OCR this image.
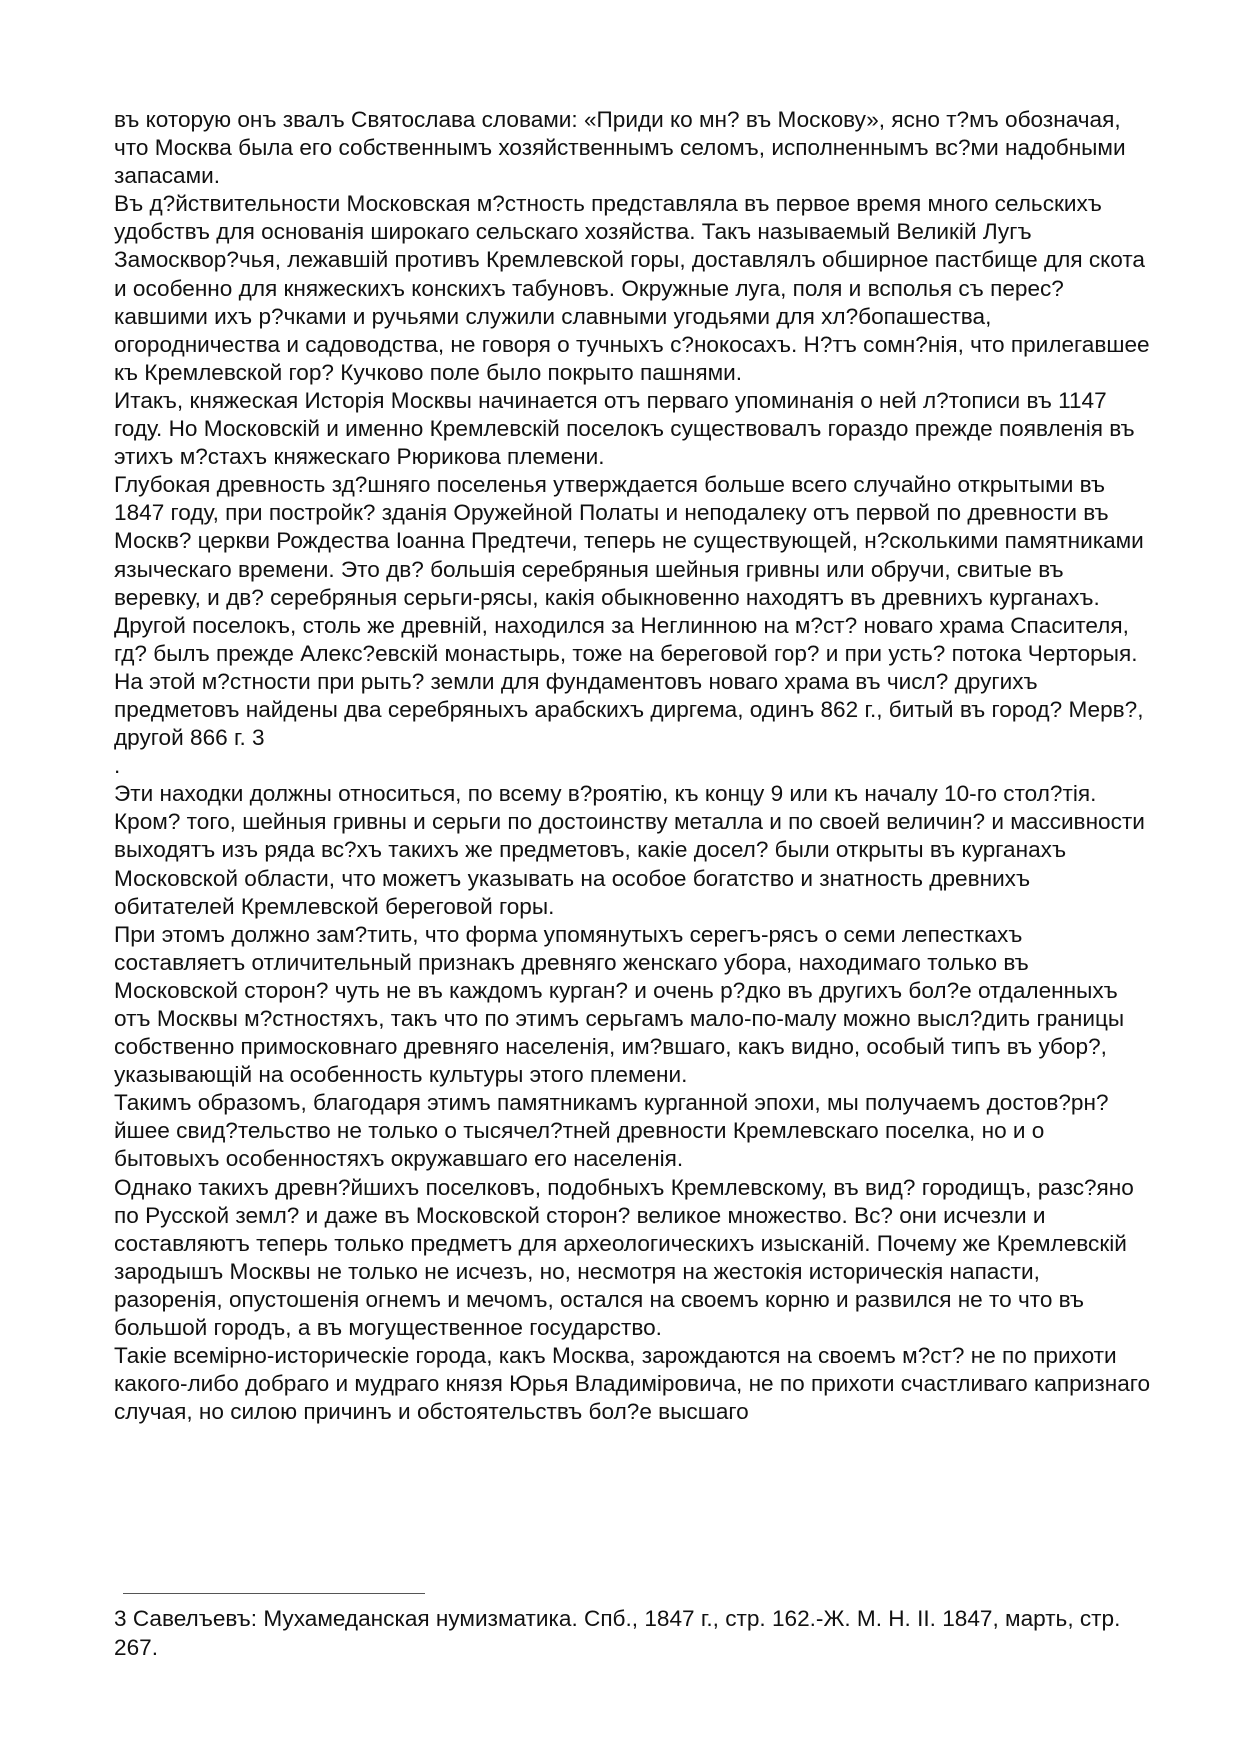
въ которую онъ звалъ Святослава словами: «Приди ко мн? въ Москову», ясно т?мъ обозначая, что Москва была его собственнымъ хозяйственнымъ селомъ, исполненнымъ вс?ми надобными запасами.

Въ д?йствительности Московская м?стность представляла въ первое время много сельскихъ удобствъ для основанія широкаго сельскаго хозяйства. Такъ называемый Великій Лугъ Замосквор?чья, лежавшій противъ Кремлевской горы, доставлялъ обширное пастбище для скота и особенно для княжескихъ конскихъ табуновъ. Окружные луга, поля и всполья съ перес?кавшими ихъ р?чками и ручьями служили славными угодьями для хл?бопашества, огородничества и садоводства, не говоря о тучныхъ с?нокосахъ. Н?тъ сомн?нія, что прилегавшее къ Кремлевской гор? Кучково поле было покрыто пашнями.

Итакъ, княжеская Исторія Москвы начинается отъ перваго упоминанія о ней л?тописи въ 1147 году. Но Московскій и именно Кремлевскій поселокъ существовалъ гораздо прежде появленія въ этихъ м?стахъ княжескаго Рюрикова племени.

Глубокая древность зд?шняго поселенья утверждается больше всего случайно открытыми въ 1847 году, при постройк? зданія Оружейной Полаты и неподалеку отъ первой по древности въ Москв? церкви Рождества Іоанна Предтечи, теперь не существующей, н?сколькими памятниками языческаго времени. Это дв? большія серебряныя шейныя гривны или обручи, свитые въ веревку, и дв? серебряныя серьги-рясы, какія обыкновенно находятъ въ древнихъ курганахъ.

Другой поселокъ, столь же древній, находился за Неглинною на м?ст? новаго храма Спасителя, гд? былъ прежде Алекс?евскій монастырь, тоже на береговой гор? и при усть? потока Черторыя. На этой м?стности при рыть? земли для фундаментовъ новаго храма въ числ? другихъ предметовъ найдены два серебряныхъ арабскихъ диргема, одинъ 862 г., битый въ город? Мерв?, другой 866 г. 3

.

Эти находки должны относиться, по всему в?роятію, къ концу 9 или къ началу 10-го стол?тія. Кром? того, шейныя гривны и серьги по достоинству металла и по своей величин? и массивности выходятъ изъ ряда вс?хъ такихъ же предметовъ, какіе досел? были открыты въ курганахъ Московской области, что можетъ указывать на особое богатство и знатность древнихъ обитателей Кремлевской береговой горы.

При этомъ должно зам?тить, что форма упомянутыхъ серегъ-рясъ о семи лепесткахъ составляетъ отличительный признакъ древняго женскаго убора, находимаго только въ Московской сторон? чуть не въ каждомъ курган? и очень р?дко въ другихъ бол?е отдаленныхъ отъ Москвы м?стностяхъ, такъ что по этимъ серьгамъ мало-по-малу можно высл?дить границы собственно примосковнаго древняго населенія, им?вшаго, какъ видно, особый типъ въ убор?, указывающій на особенность культуры этого племени.

Такимъ образомъ, благодаря этимъ памятникамъ курганной эпохи, мы получаемъ достов?рн?йшее свид?тельство не только о тысячел?тней древности Кремлевскаго поселка, но и о бытовыхъ особенностяхъ окружавшаго его населенія.

Однако такихъ древн?йшихъ поселковъ, подобныхъ Кремлевскому, въ вид? городищъ, разс?яно по Русской земл? и даже въ Московской сторон? великое множество. Вс? они исчезли и составляютъ теперь только предметъ для археологическихъ изысканій. Почему же Кремлевскій зародышъ Москвы не только не исчезъ, но, несмотря на жестокія историческія напасти, разоренія, опустошенія огнемъ и мечомъ, остался на своемъ корню и развился не то что въ большой городъ, а въ могущественное государство.

Такіе всемірно-историческіе города, какъ Москва, зарождаются на своемъ м?ст? не по прихоти какого-либо добраго и мудраго князя Юрья Владиміровича, не по прихоти счастливаго капризнаго случая, но силою причинъ и обстоятельствъ бол?е высшаго

3 Савелъевъ: Мухамеданская нумизматика. Спб., 1847 г., стр. 162.-Ж. М. Н. II. 1847, марть, стр. 267.
